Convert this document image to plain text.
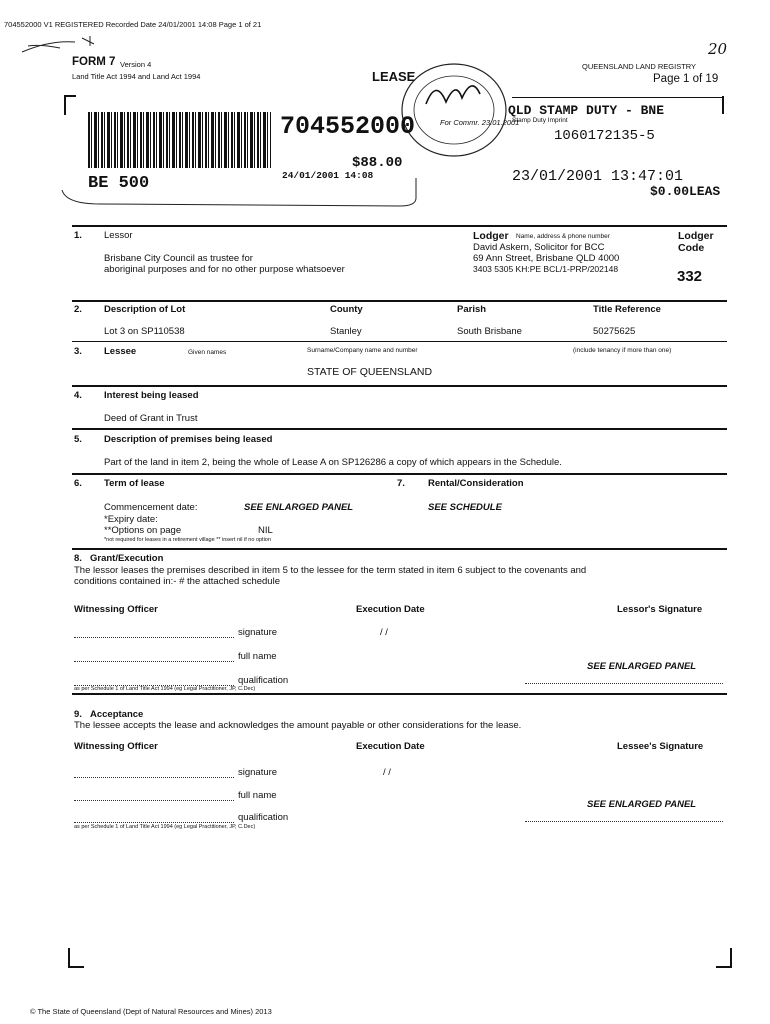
704552000 V1 REGISTERED Recorded Date 24/01/2001 14:08 Page 1 of 21
20
FORM 7 Version 4
Land Title Act 1994 and Land Act 1994	LEASE
QUEENSLAND LAND REGISTRY
Page 1 of 19
For Commr. 23.01.2001
QLD STAMP DUTY - BNE
Stamp Duty Imprint
1060172135-5
23/01/2001 13:47:01
$0.00LEAS
704552000
$88.00
24/01/2001 14:08
BE 500
1. Lessor
Brisbane City Council as trustee for
aboriginal purposes and for no other purpose whatsoever
Lodger Name, address & phone number
David Askern, Solicitor for BCC
69 Ann Street, Brisbane QLD 4000
3403 5305 KH:PE BCL/1-PRP/202148
Lodger
Code
332
2. Description of Lot	County	Parish	Title Reference
Lot 3 on SP110538	Stanley	South Brisbane	50275625
3. Lessee	Given names	Surname/Company name and number	(include tenancy if more than one)
STATE OF QUEENSLAND
4. Interest being leased
Deed of Grant in Trust
5. Description of premises being leased
Part of the land in item 2, being the whole of Lease A on SP126286 a copy of which appears in the Schedule.
6. Term of lease	7. Rental/Consideration
Commencement date:	SEE ENLARGED PANEL	SEE SCHEDULE
*Expiry date:
**Options on page	NIL
*not required for leases in a retirement village ** insert nil if no option
8. Grant/Execution
The lessor leases the premises described in item 5 to the lessee for the term stated in item 6 subject to the covenants and
conditions contained in:- # the attached schedule
Witnessing Officer	Execution Date	Lessor's Signature
signature	/ /
full name
SEE ENLARGED PANEL
qualification
as per Schedule 1 of Land Title Act 1994 (eg Legal Practitioner, JP, C.Dec)
9. Acceptance
The lessee accepts the lease and acknowledges the amount payable or other considerations for the lease.
Witnessing Officer	Execution Date	Lessee's Signature
signature	/ /
full name
SEE ENLARGED PANEL
qualification
as per Schedule 1 of Land Title Act 1994 (eg Legal Practitioner, JP, C.Dec)
© The State of Queensland (Dept of Natural Resources and Mines) 2013
